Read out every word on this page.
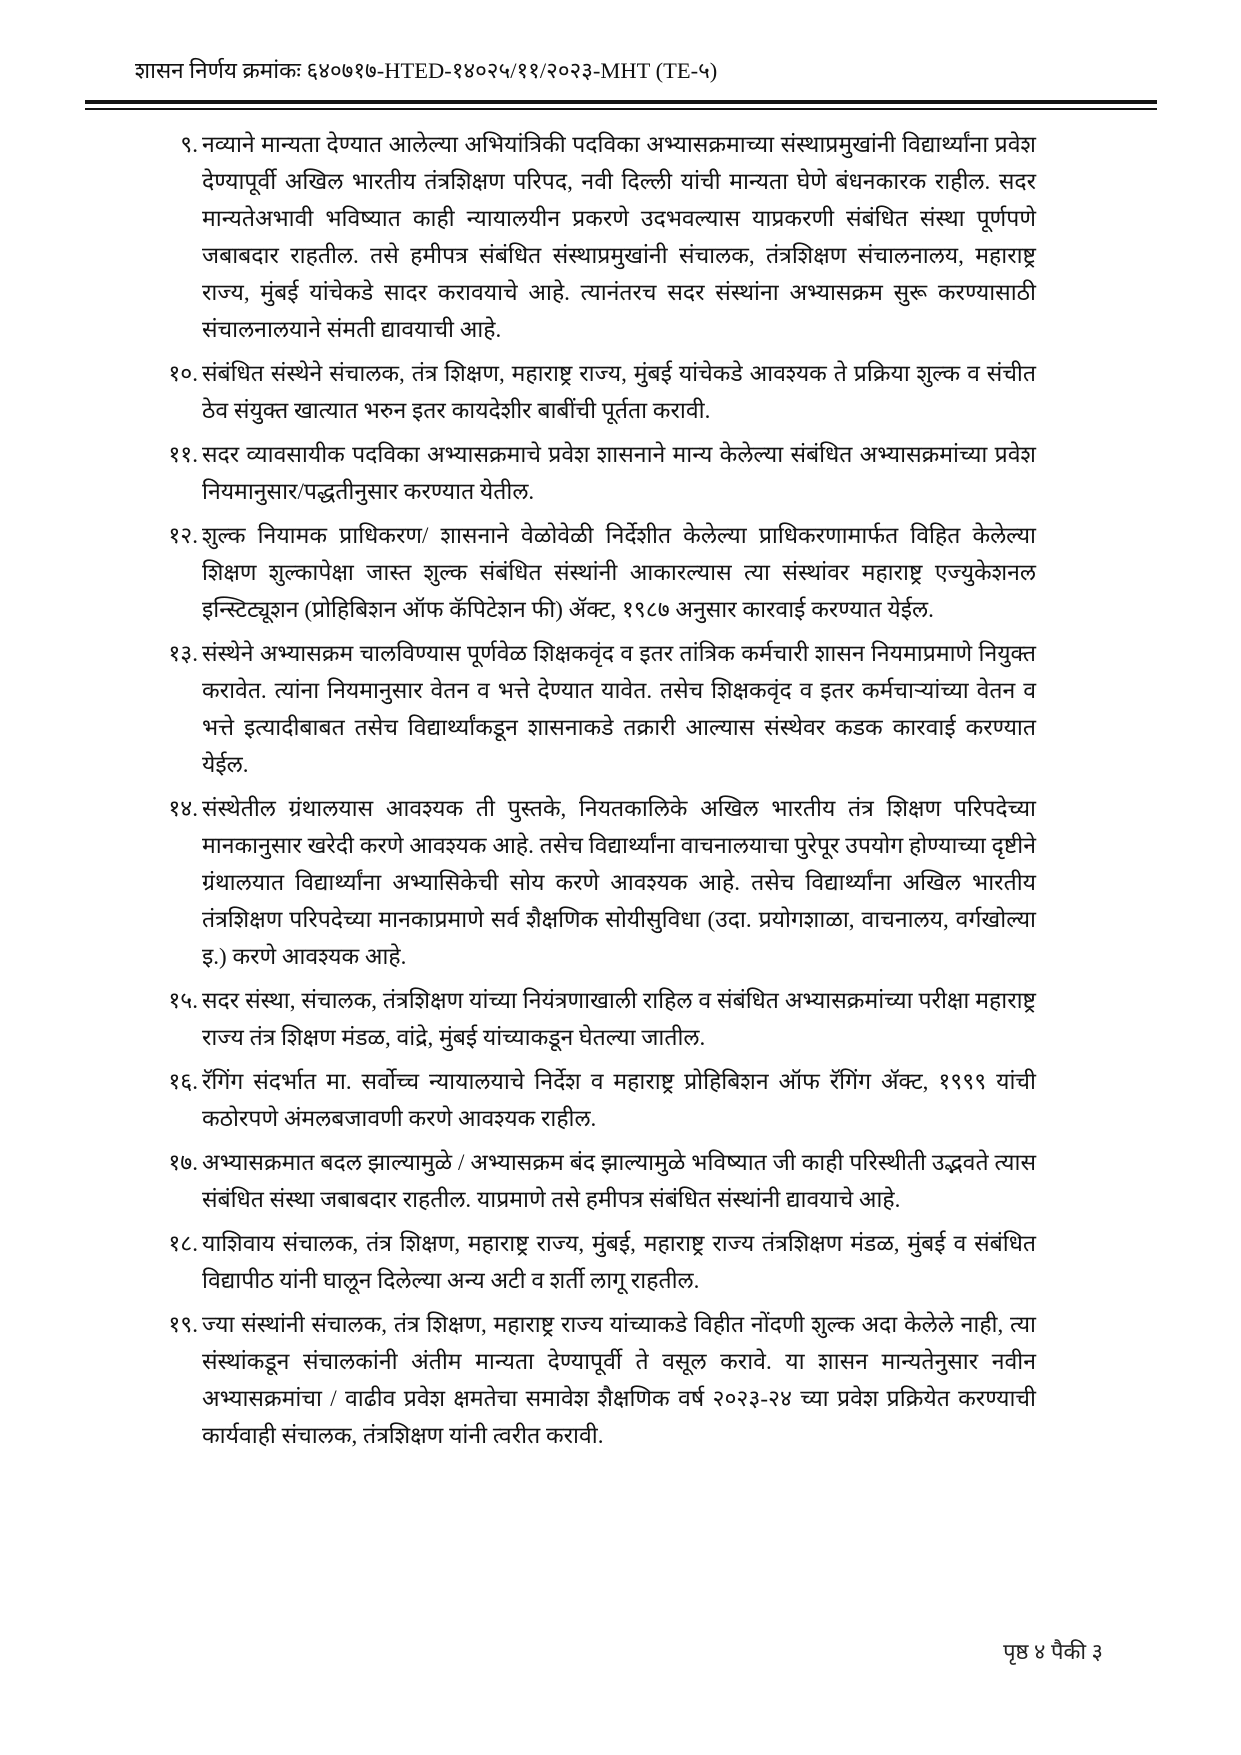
शासन निर्णय क्रमांकः ६४०७१७-HTED-१४०२५/११/२०२३-MHT (TE-५)
९. नव्याने मान्यता देण्यात आलेल्या अभियांत्रिकी पदविका अभ्यासक्रमाच्या संस्थाप्रमुखांनी विद्यार्थ्यांना प्रवेश देण्यापूर्वी अखिल भारतीय तंत्रशिक्षण परिपद, नवी दिल्ली यांची मान्यता घेणे बंधनकारक राहील. सदर मान्यतेअभावी भविष्यात काही न्यायालयीन प्रकरणे उदभवल्यास याप्रकरणी संबंधित संस्था पूर्णपणे जबाबदार राहतील. तसे हमीपत्र संबंधित संस्थाप्रमुखांनी संचालक, तंत्रशिक्षण संचालनालय, महाराष्ट्र राज्य, मुंबई यांचेकडे सादर करावयाचे आहे. त्यानंतरच सदर संस्थांना अभ्यासक्रम सुरू करण्यासाठी संचालनालयाने संमती द्यावयाची आहे.
१०. संबंधित संस्थेने संचालक, तंत्र शिक्षण, महाराष्ट्र राज्य, मुंबई यांचेकडे आवश्यक ते प्रक्रिया शुल्क व संचीत ठेव संयुक्त खात्यात भरुन इतर कायदेशीर बाबींची पूर्तता करावी.
११. सदर व्यावसायीक पदविका अभ्यासक्रमाचे प्रवेश शासनाने मान्य केलेल्या संबंधित अभ्यासक्रमांच्या प्रवेश नियमानुसार/पद्धतीनुसार करण्यात येतील.
१२. शुल्क नियामक प्राधिकरण/ शासनाने वेळोवेळी निर्देशीत केलेल्या प्राधिकरणामार्फत विहित केलेल्या शिक्षण शुल्कापेक्षा जास्त शुल्क संबंधित संस्थांनी आकारल्यास त्या संस्थांवर महाराष्ट्र एज्युकेशनल इन्स्टिट्यूशन (प्रोहिबिशन ऑफ कॅपिटेशन फी) ॲक्ट, १९८७ अनुसार कारवाई करण्यात येईल.
१३. संस्थेने अभ्यासक्रम चालविण्यास पूर्णवेळ शिक्षकवृंद व इतर तांत्रिक कर्मचारी शासन नियमाप्रमाणे नियुक्त करावेत. त्यांना नियमानुसार वेतन व भत्ते देण्यात यावेत. तसेच शिक्षकवृंद व इतर कर्मचाऱ्यांच्या वेतन व भत्ते इत्यादीबाबत तसेच विद्यार्थ्यांकडून शासनाकडे तक्रारी आल्यास संस्थेवर कडक कारवाई करण्यात येईल.
१४. संस्थेतील ग्रंथालयास आवश्यक ती पुस्तके, नियतकालिके अखिल भारतीय तंत्र शिक्षण परिपदेच्या मानकानुसार खरेदी करणे आवश्यक आहे. तसेच विद्यार्थ्यांना वाचनालयाचा पुरेपूर उपयोग होण्याच्या दृष्टीने ग्रंथालयात विद्यार्थ्यांना अभ्यासिकेची सोय करणे आवश्यक आहे. तसेच विद्यार्थ्यांना अखिल भारतीय तंत्रशिक्षण परिपदेच्या मानकाप्रमाणे सर्व शैक्षणिक सोयीसुविधा (उदा. प्रयोगशाळा, वाचनालय, वर्गखोल्या इ.) करणे आवश्यक आहे.
१५. सदर संस्था, संचालक, तंत्रशिक्षण यांच्या नियंत्रणाखाली राहिल व संबंधित अभ्यासक्रमांच्या परीक्षा महाराष्ट्र राज्य तंत्र शिक्षण मंडळ, वांद्रे, मुंबई यांच्याकडून घेतल्या जातील.
१६. रॅगिंग संदर्भात मा. सर्वोच्च न्यायालयाचे निर्देश व महाराष्ट्र प्रोहिबिशन ऑफ रॅगिंग ॲक्ट, १९९९ यांची कठोरपणे अंमलबजावणी करणे आवश्यक राहील.
१७. अभ्यासक्रमात बदल झाल्यामुळे / अभ्यासक्रम बंद झाल्यामुळे भविष्यात जी काही परिस्थीती उद्भवते त्यास संबंधित संस्था जबाबदार राहतील. याप्रमाणे तसे हमीपत्र संबंधित संस्थांनी द्यावयाचे आहे.
१८. याशिवाय संचालक, तंत्र शिक्षण, महाराष्ट्र राज्य, मुंबई, महाराष्ट्र राज्य तंत्रशिक्षण मंडळ, मुंबई व संबंधित विद्यापीठ यांनी घालून दिलेल्या अन्य अटी व शर्ती लागू राहतील.
१९. ज्या संस्थांनी संचालक, तंत्र शिक्षण, महाराष्ट्र राज्य यांच्याकडे विहीत नोंदणी शुल्क अदा केलेले नाही, त्या संस्थांकडून संचालकांनी अंतीम मान्यता देण्यापूर्वी ते वसूल करावे. या शासन मान्यतेनुसार नवीन अभ्यासक्रमांचा / वाढीव प्रवेश क्षमतेचा समावेश शैक्षणिक वर्ष २०२३-२४ च्या प्रवेश प्रक्रियेत करण्याची कार्यवाही संचालक, तंत्रशिक्षण यांनी त्वरीत करावी.
पृष्ठ ४ पैकी ३
